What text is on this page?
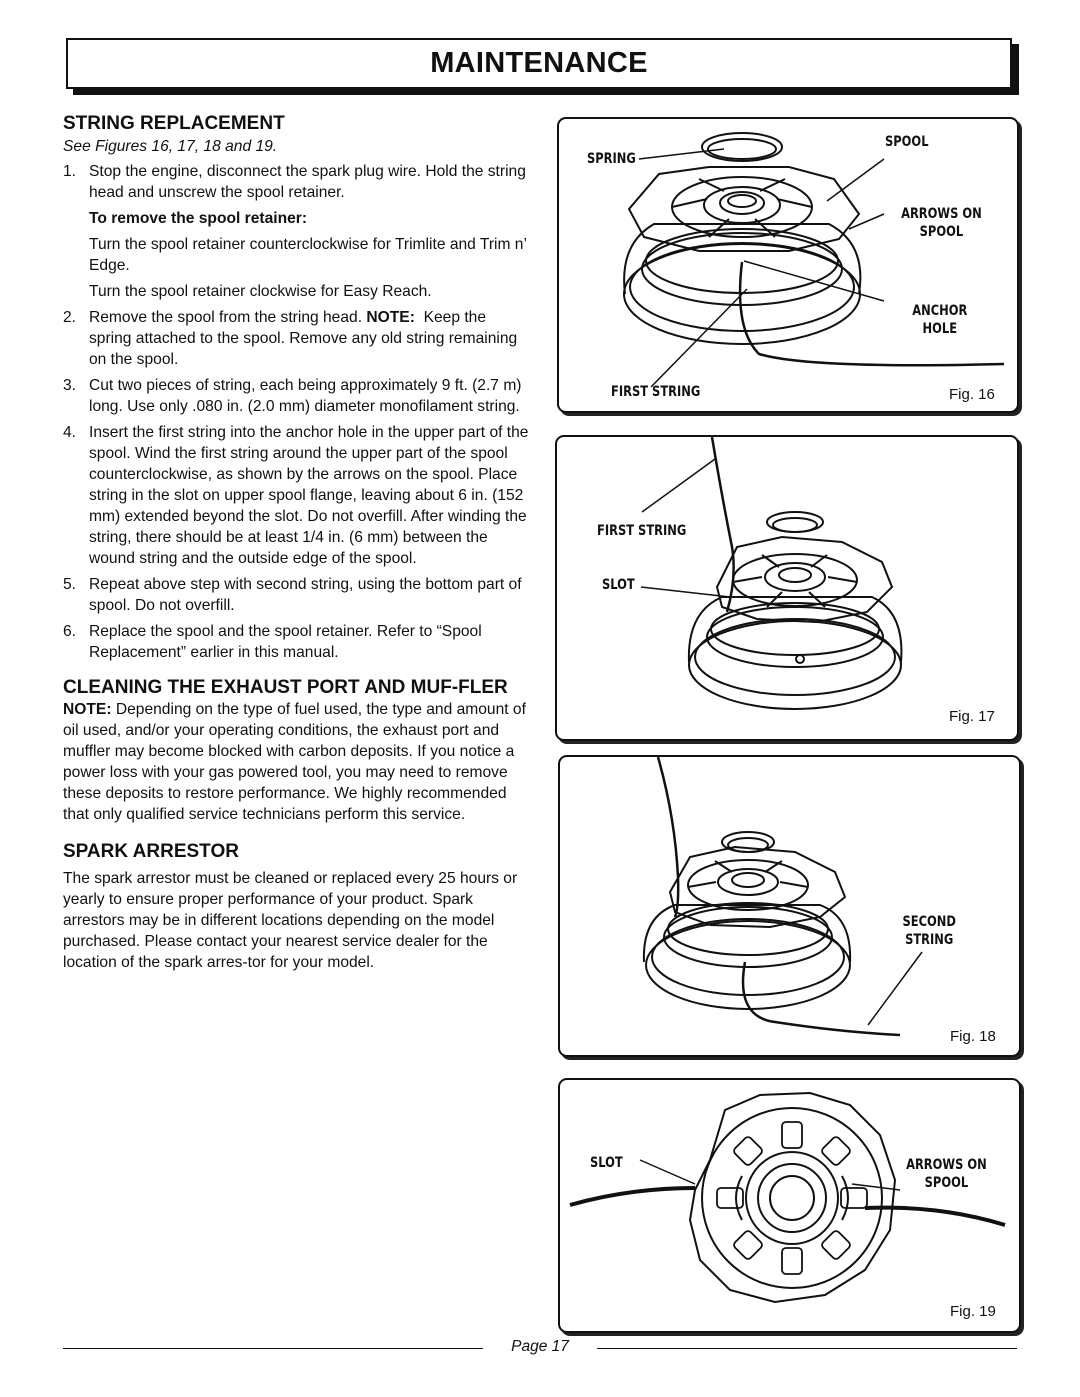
MAINTENANCE
STRING REPLACEMENT
See Figures 16, 17, 18 and 19.
1. Stop the engine, disconnect the spark plug wire. Hold the string head and unscrew the spool retainer.
To remove the spool retainer:
Turn the spool retainer counterclockwise for Trimlite and Trim n’ Edge.
Turn the spool retainer clockwise for Easy Reach.
2. Remove the spool from the string head. NOTE: Keep the spring attached to the spool. Remove any old string remaining on the spool.
3. Cut two pieces of string, each being approximately 9 ft. (2.7 m) long. Use only .080 in. (2.0 mm) diameter monofilament string.
4. Insert the first string into the anchor hole in the upper part of the spool. Wind the first string around the upper part of the spool counterclockwise, as shown by the arrows on the spool. Place string in the slot on upper spool flange, leaving about 6 in. (152 mm) extended beyond the slot. Do not overfill. After winding the string, there should be at least 1/4 in. (6 mm) between the wound string and the outside edge of the spool.
5. Repeat above step with second string, using the bottom part of spool. Do not overfill.
6. Replace the spool and the spool retainer. Refer to “Spool Replacement” earlier in this manual.
CLEANING THE EXHAUST PORT AND MUF-FLER

NOTE: Depending on the type of fuel used, the type and amount of oil used, and/or your operating conditions, the exhaust port and muffler may become blocked with carbon deposits. If you notice a power loss with your gas powered tool, you may need to remove these deposits to restore performance. We highly recommended that only qualified service technicians perform this service.

SPARK ARRESTOR

The spark arrestor must be cleaned or replaced every 25 hours or yearly to ensure proper performance of your product. Spark arrestors may be in different locations depending on the model purchased. Please contact your nearest service dealer for the location of the spark arres-tor for your model.

SPRING
SPOOL
ARROWS ON SPOOL
ANCHOR HOLE
FIRST STRING	Fig. 16
FIRST STRING
SLOT
Fig. 17
SECOND STRING
Fig. 18
SLOT	ARROWS ON SPOOL
Fig. 19
Page 17
